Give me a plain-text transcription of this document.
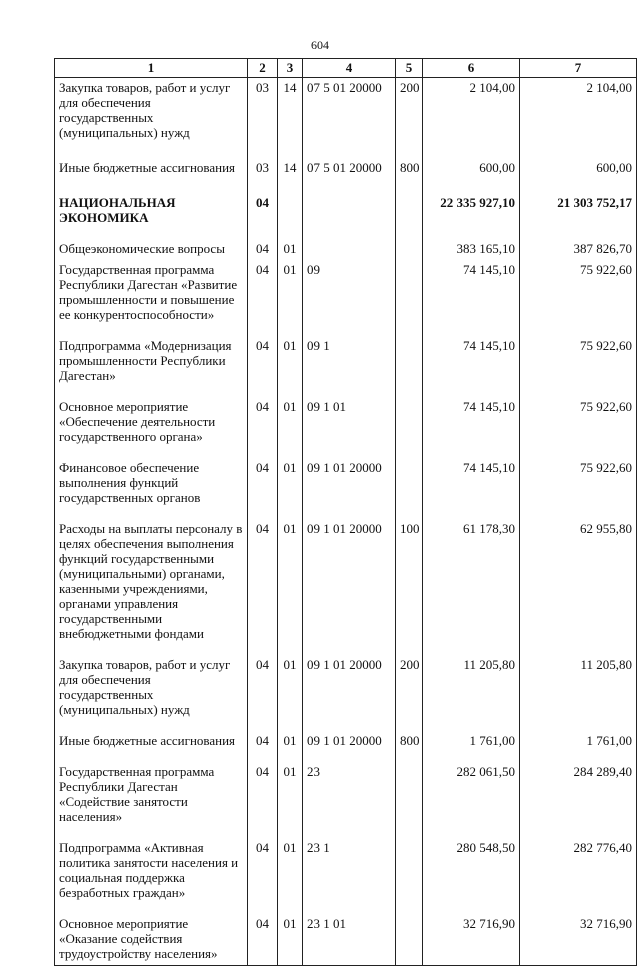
604
1	2	3	4	5	6	7
Закупка товаров, работ и услуг для обеспечения государственных (муниципальных) нужд	03	14	07 5 01 20000	200	2 104,00	2 104,00
Иные бюджетные ассигнования	03	14	07 5 01 20000	800	600,00	600,00
НАЦИОНАЛЬНАЯ ЭКОНОМИКА	04				22 335 927,10	21 303 752,17
Общеэкономические вопросы	04	01			383 165,10	387 826,70
Государственная программа Республики Дагестан «Развитие промышленности и повышение ее конкурентоспособности»	04	01	09		74 145,10	75 922,60
Подпрограмма «Модернизация промышленности Республики Дагестан»	04	01	09 1		74 145,10	75 922,60
Основное мероприятие «Обеспечение деятельности государственного органа»	04	01	09 1 01		74 145,10	75 922,60
Финансовое обеспечение выполнения функций государственных органов	04	01	09 1 01 20000		74 145,10	75 922,60
Расходы на выплаты персоналу в целях обеспечения выполнения функций государственными (муниципальными) органами, казенными учреждениями, органами управления государственными внебюджетными фондами	04	01	09 1 01 20000	100	61 178,30	62 955,80
Закупка товаров, работ и услуг для обеспечения государственных (муниципальных) нужд	04	01	09 1 01 20000	200	11 205,80	11 205,80
Иные бюджетные ассигнования	04	01	09 1 01 20000	800	1 761,00	1 761,00
Государственная программа Республики Дагестан «Содействие занятости населения»	04	01	23		282 061,50	284 289,40
Подпрограмма «Активная политика занятости населения и социальная поддержка безработных граждан»	04	01	23 1		280 548,50	282 776,40
Основное мероприятие «Оказание содействия трудоустройству населения»	04	01	23 1 01		32 716,90	32 716,90
